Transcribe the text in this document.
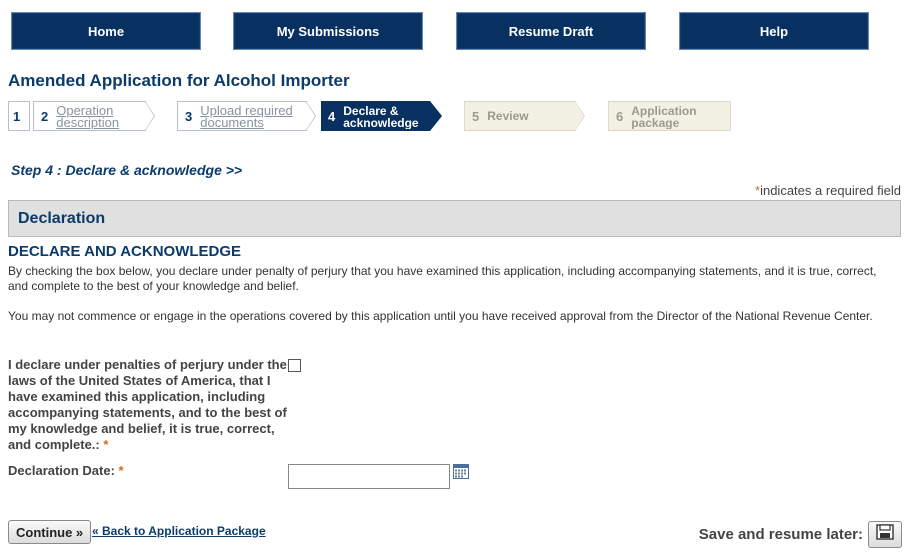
Home	My Submissions	Resume Draft	Help
Amended Application for Alcohol Importer
1 2 Operation description	3 Upload required documents	4 Declare & acknowledge	5 Review	6 Application package
Step 4 : Declare & acknowledge >>
*indicates a required field
Declaration
DECLARE AND ACKNOWLEDGE

By checking the box below, you declare under penalty of perjury that you have examined this application, including accompanying statements, and it is true, correct, and complete to the best of your knowledge and belief.

You may not commence or engage in the operations covered by this application until you have received approval from the Director of the National Revenue Center.

I declare under penalties of perjury under the laws of the United States of America, that I have examined this application, including accompanying statements, and to the best of my knowledge and belief, it is true, correct, and complete.: *
Declaration Date: *
Continue » « Back to Application Package	Save and resume later:
